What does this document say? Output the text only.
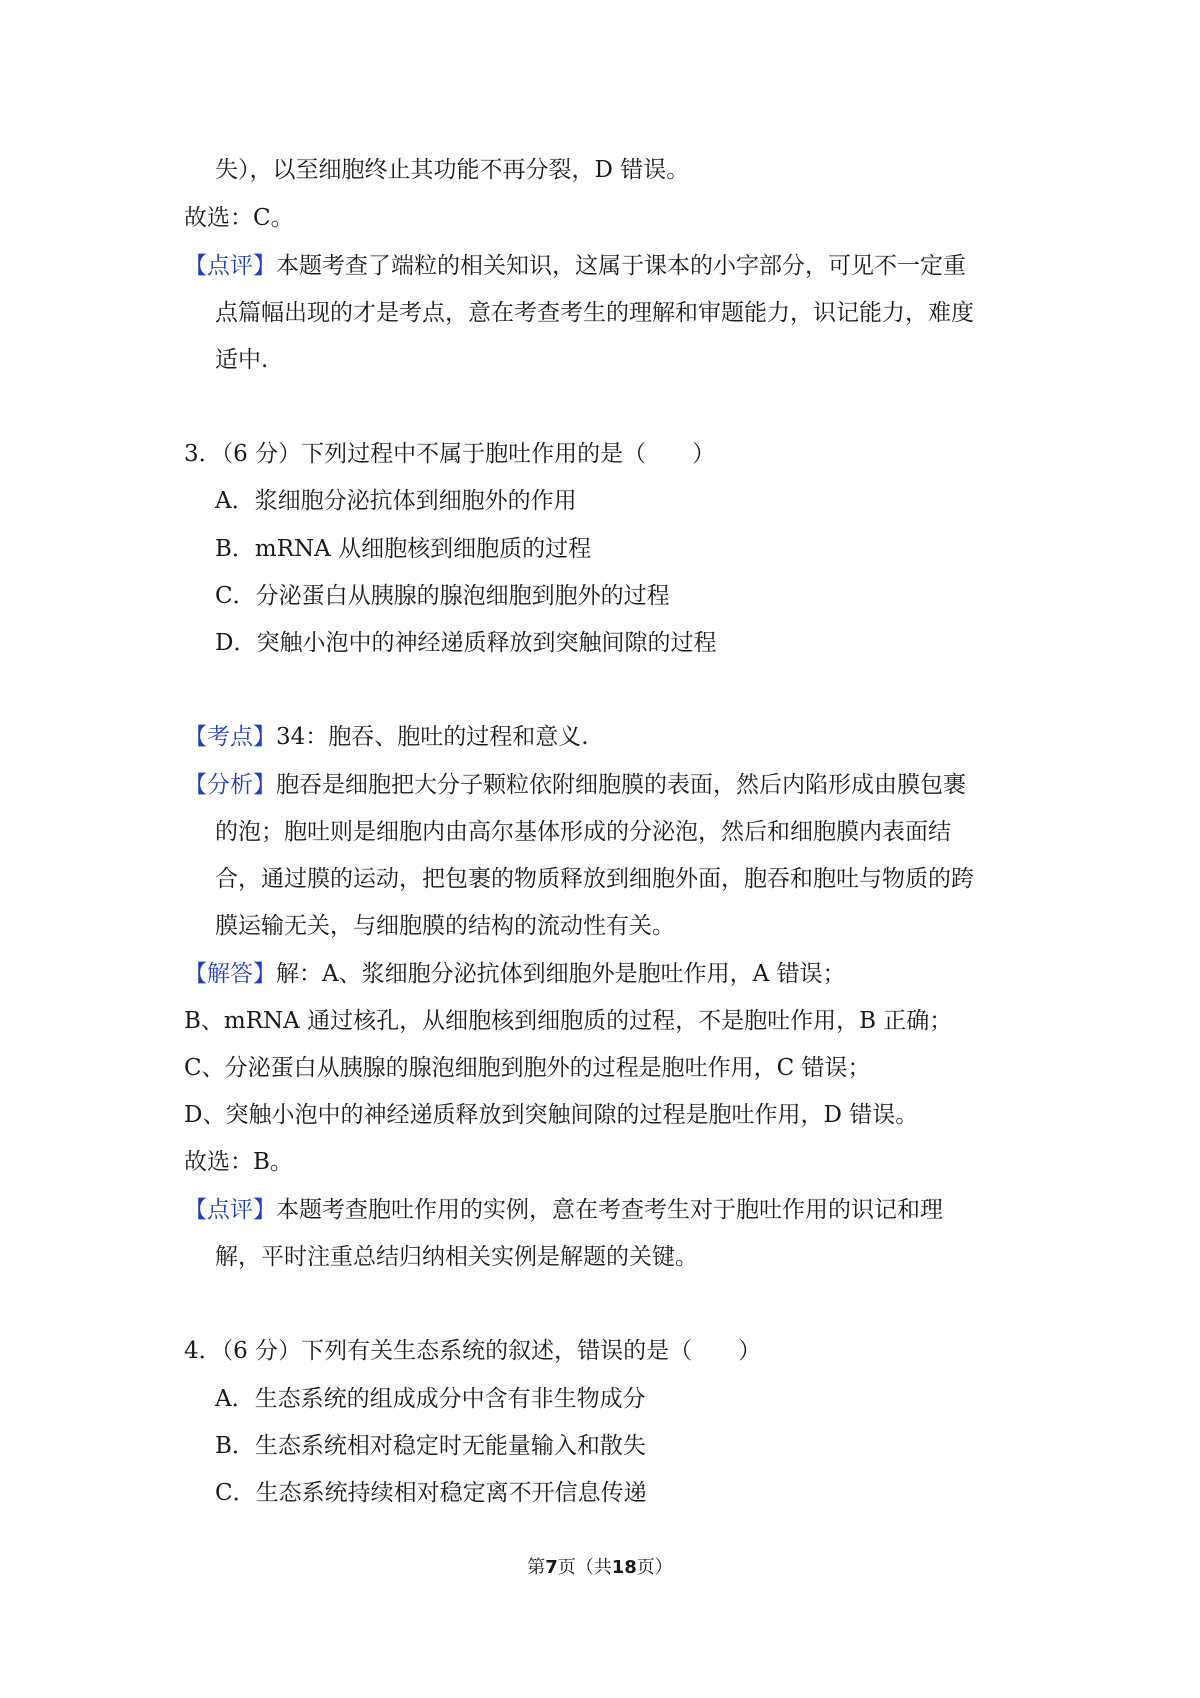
失），以至细胞终止其功能不再分裂，D 错误。
故选：C。
【点评】本题考查了端粒的相关知识，这属于课本的小字部分，可见不一定重
点篇幅出现的才是考点，意在考查考生的理解和审题能力，识记能力，难度
适中.
3．（6 分）下列过程中不属于胞吐作用的是（　　）
A．浆细胞分泌抗体到细胞外的作用
B．mRNA 从细胞核到细胞质的过程
C．分泌蛋白从胰腺的腺泡细胞到胞外的过程
D．突触小泡中的神经递质释放到突触间隙的过程
【考点】34：胞吞、胞吐的过程和意义.
【分析】胞吞是细胞把大分子颗粒依附细胞膜的表面，然后内陷形成由膜包裹
的泡；胞吐则是细胞内由高尔基体形成的分泌泡，然后和细胞膜内表面结
合，通过膜的运动，把包裹的物质释放到细胞外面，胞吞和胞吐与物质的跨
膜运输无关，与细胞膜的结构的流动性有关。
【解答】解：A、浆细胞分泌抗体到细胞外是胞吐作用，A 错误；
B、mRNA 通过核孔，从细胞核到细胞质的过程，不是胞吐作用，B 正确；
C、分泌蛋白从胰腺的腺泡细胞到胞外的过程是胞吐作用，C 错误；
D、突触小泡中的神经递质释放到突触间隙的过程是胞吐作用，D 错误。
故选：B。
【点评】本题考查胞吐作用的实例，意在考查考生对于胞吐作用的识记和理
解，平时注重总结归纳相关实例是解题的关键。
4．（6 分）下列有关生态系统的叙述，错误的是（　　）
A．生态系统的组成成分中含有非生物成分
B．生态系统相对稳定时无能量输入和散失
C．生态系统持续相对稳定离不开信息传递
第7页（共18页）
